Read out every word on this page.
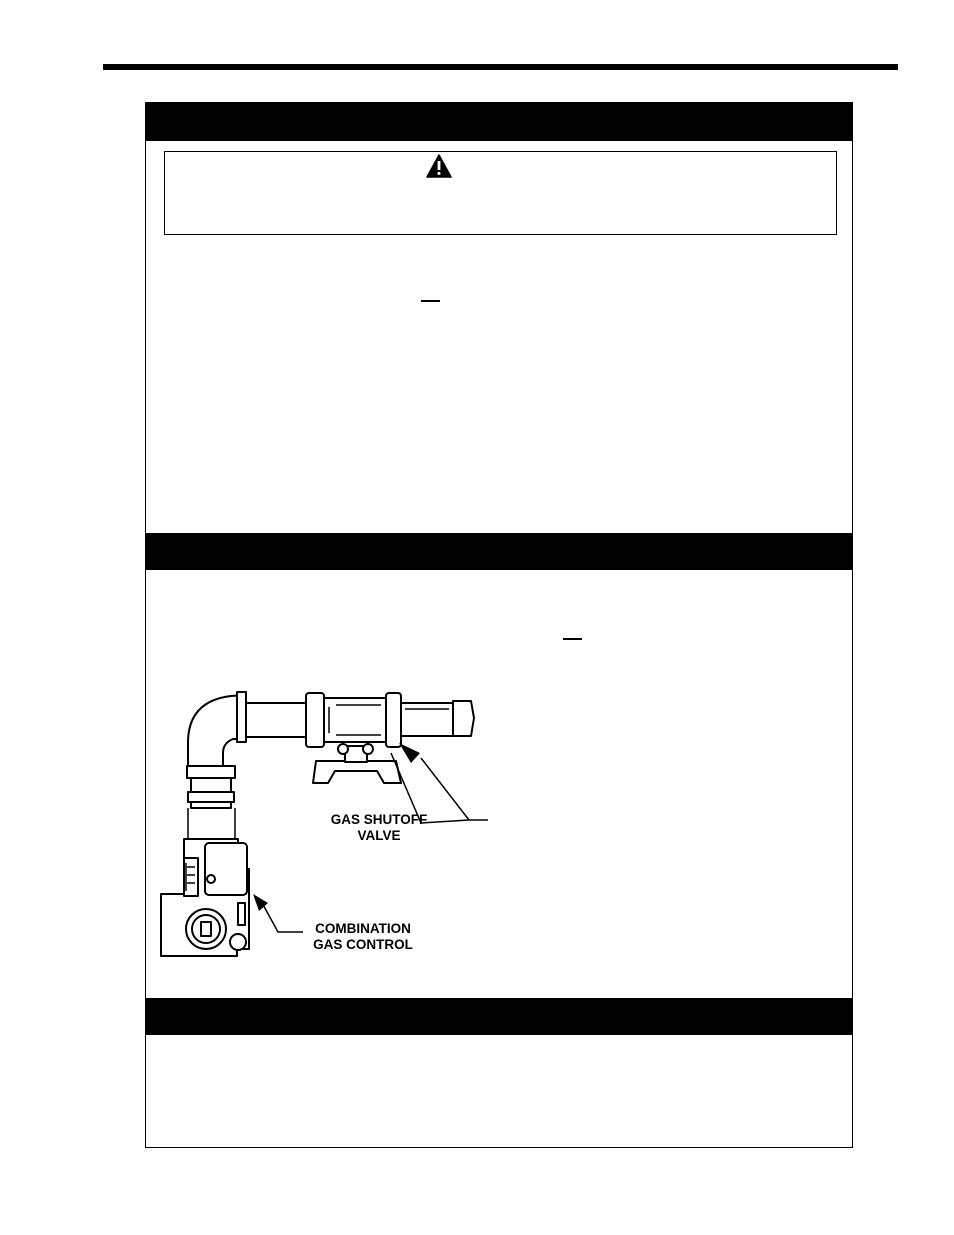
GAS SHUTOFF
VALVE
COMBINATION
GAS CONTROL
